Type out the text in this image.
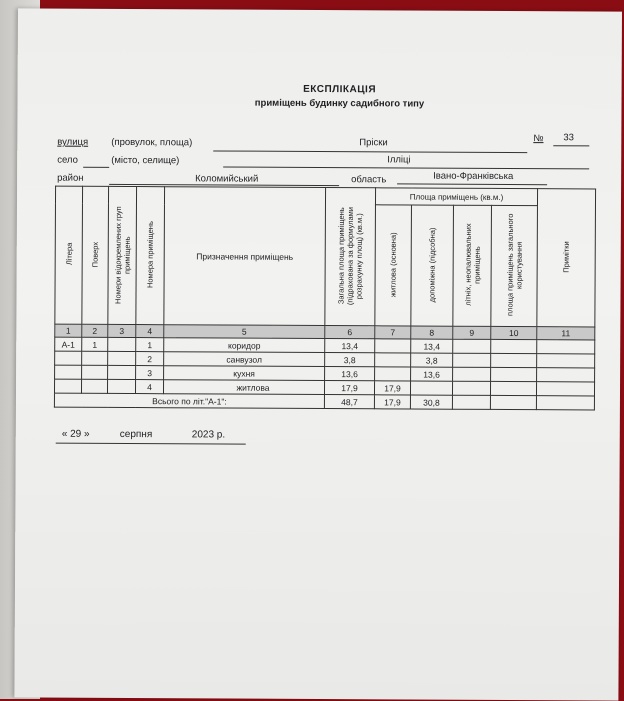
ЕКСПЛІКАЦІЯ
приміщень будинку садибного типу
вулиця (провулок, площа)	Пріски	№ 33
село	(місто, селище)	Ілліці
район	Коломийський	область	Івано-Франківська
Літера	Поверх	Номери відокремлених груп приміщень	Номера приміщень	Призначення приміщень	Загальна площа приміщень (підрахована за формулами розрахунку площ) (кв.м.)	Площа приміщень (кв.м.)				Примітки
						житлова (основна)	допоміжна (підсобна)	літніх, неопалювальних приміщень	площа приміщень загального користування	
1	2	3	4	5	6	7	8	9	10	11
А-1	1		1	коридор	13,4		13,4			
			2	санвузол	3,8		3,8			
			3	кухня	13,6		13,6			
			4	житлова	17,9	17,9				
Всього по літ."А-1":					48,7	17,9	30,8			
« 29 »	серпня	2023 р.
